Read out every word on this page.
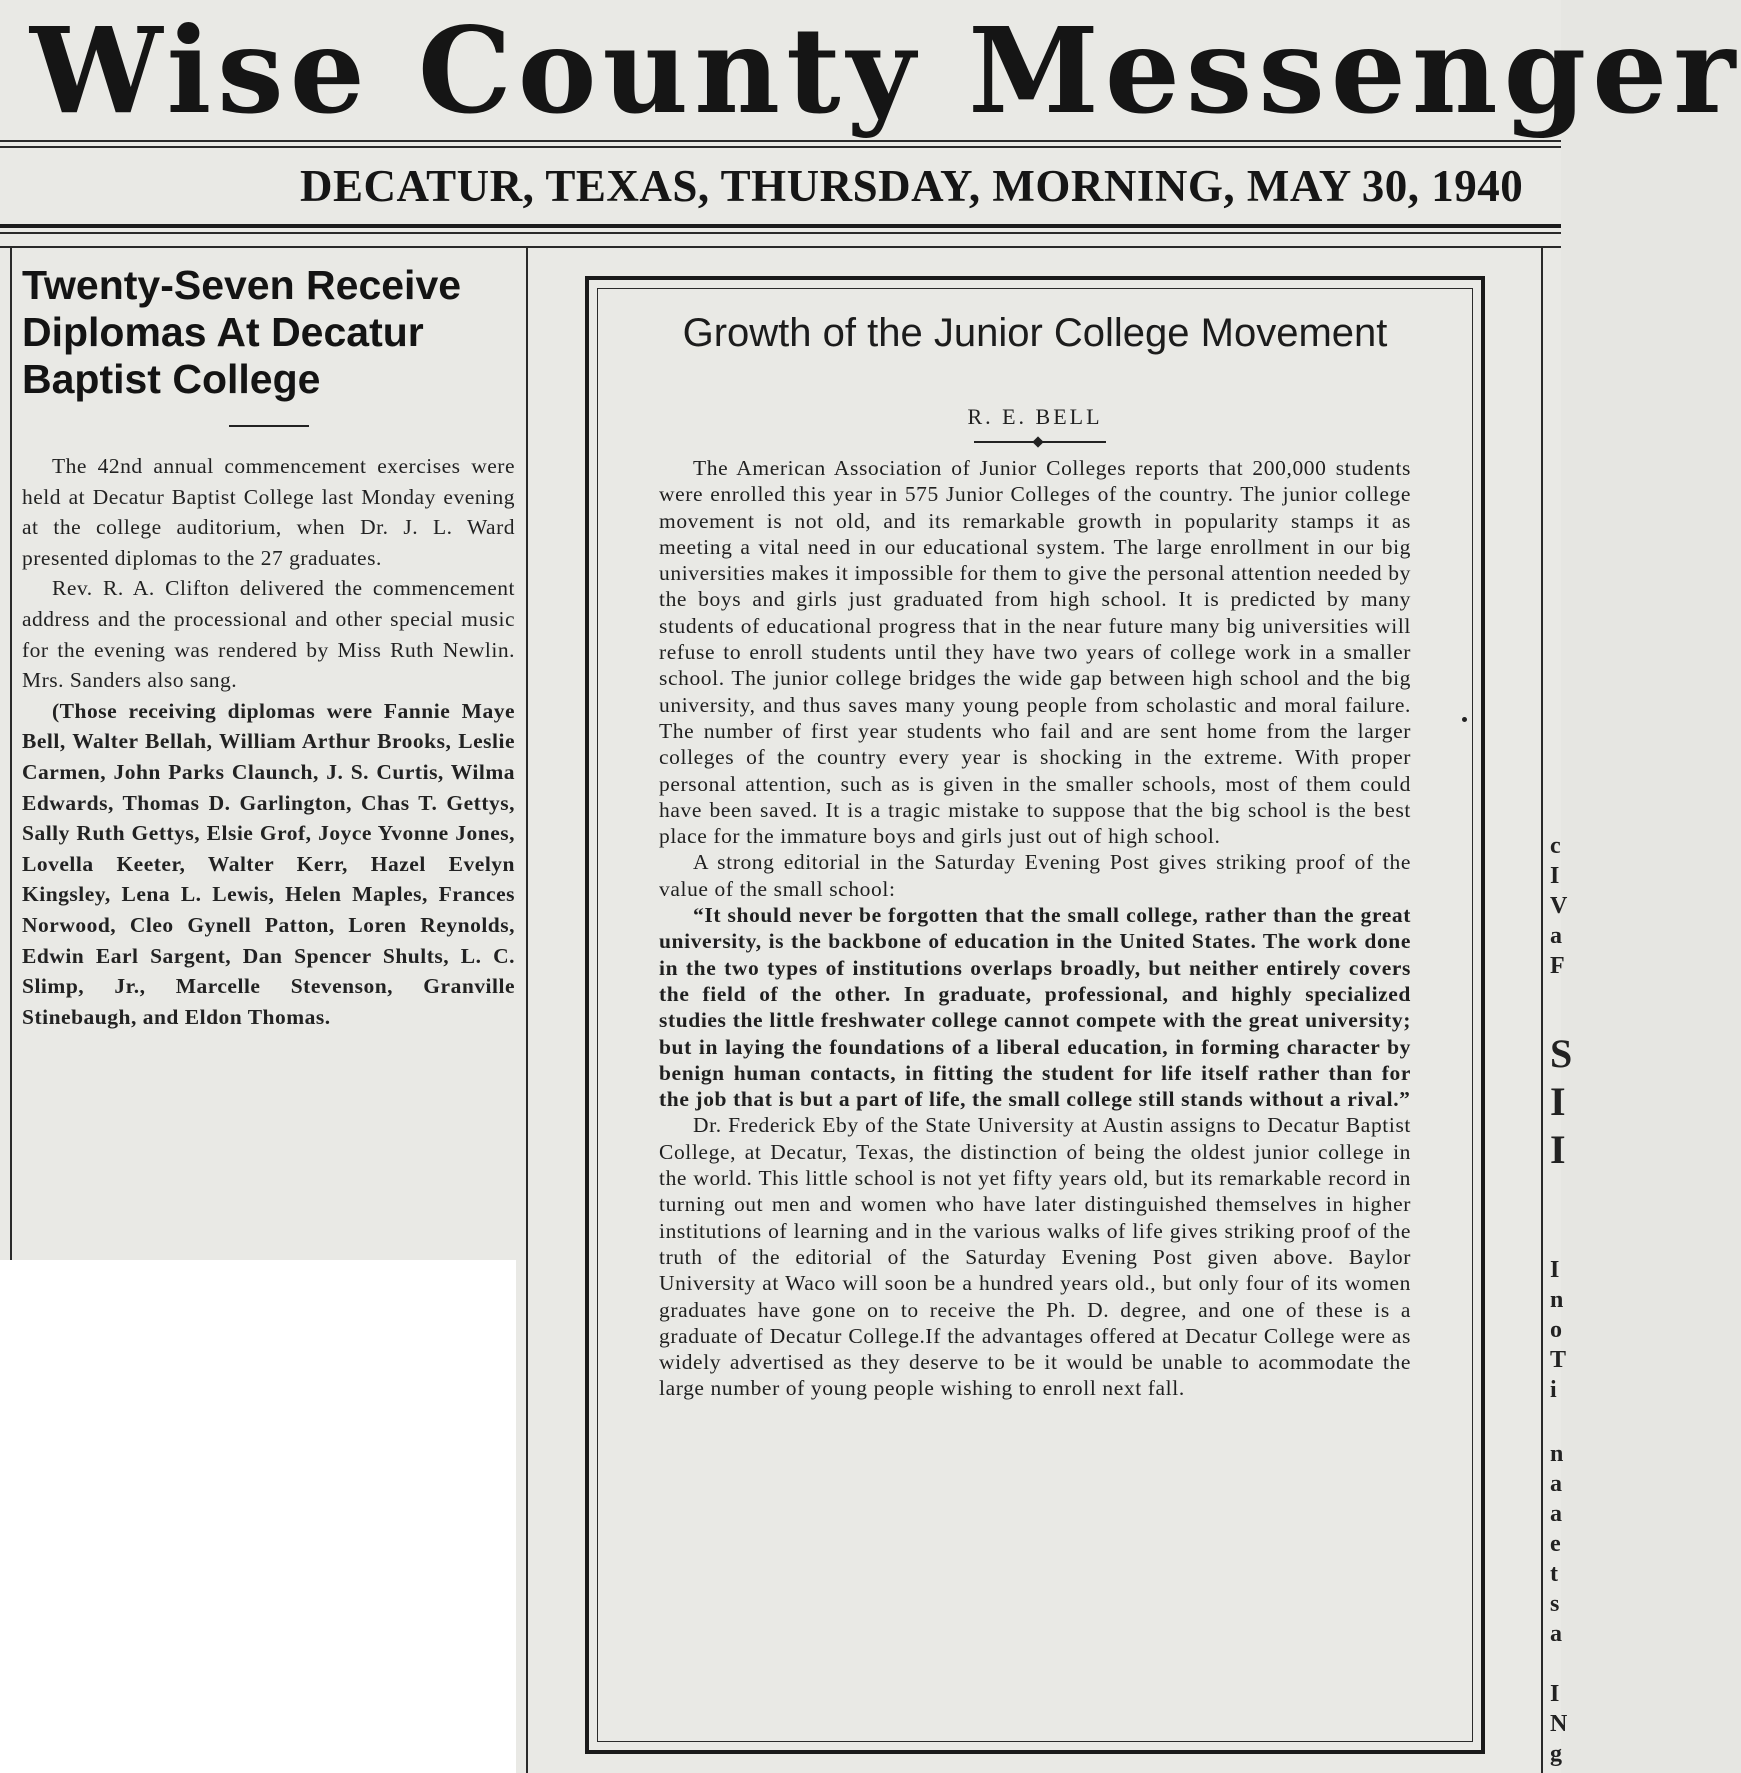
Wise County Messenger
DECATUR, TEXAS, THURSDAY, MORNING, MAY 30, 1940
Twenty-Seven Receive Diplomas At Decatur Baptist College

The 42nd annual commencement exercises were held at Decatur Baptist College last Monday evening at the college auditorium, when Dr. J. L. Ward presented diplomas to the 27 graduates.

Rev. R. A. Clifton delivered the commencement address and the processional and other special music for the evening was rendered by Miss Ruth Newlin. Mrs. Sanders also sang.

(Those receiving diplomas were Fannie Maye Bell, Walter Bellah, William Arthur Brooks, Leslie Carmen, John Parks Claunch, J. S. Curtis, Wilma Edwards, Thomas D. Garlington, Chas T. Gettys, Sally Ruth Gettys, Elsie Grof, Joyce Yvonne Jones, Lovella Keeter, Walter Kerr, Hazel Evelyn Kingsley, Lena L. Lewis, Helen Maples, Frances Norwood, Cleo Gynell Patton, Loren Reynolds, Edwin Earl Sargent, Dan Spencer Shults, L. C. Slimp, Jr., Marcelle Stevenson, Granville Stinebaugh, and Eldon Thomas.

Growth of the Junior College Movement
R. E. BELL

The American Association of Junior Colleges reports that 200,000 students were enrolled this year in 575 Junior Colleges of the country. The junior college movement is not old, and its remarkable growth in popularity stamps it as meeting a vital need in our educational system. The large enrollment in our big universities makes it impossible for them to give the personal attention needed by the boys and girls just graduated from high school. It is predicted by many students of educational progress that in the near future many big universities will refuse to enroll students until they have two years of college work in a smaller school. The junior college bridges the wide gap between high school and the big university, and thus saves many young people from scholastic and moral failure. The number of first year students who fail and are sent home from the larger colleges of the country every year is shocking in the extreme. With proper personal attention, such as is given in the smaller schools, most of them could have been saved. It is a tragic mistake to suppose that the big school is the best place for the immature boys and girls just out of high school.

A strong editorial in the Saturday Evening Post gives striking proof of the value of the small school:

“It should never be forgotten that the small college, rather than the great university, is the backbone of education in the United States. The work done in the two types of institutions overlaps broadly, but neither entirely covers the field of the other. In graduate, professional, and highly specialized studies the little freshwater college cannot compete with the great university; but in laying the foundations of a liberal education, in forming character by benign human contacts, in fitting the student for life itself rather than for the job that is but a part of life, the small college still stands without a rival.”

Dr. Frederick Eby of the State University at Austin assigns to Decatur Baptist College, at Decatur, Texas, the distinction of being the oldest junior college in the world. This little school is not yet fifty years old, but its remarkable record in turning out men and women who have later distinguished themselves in higher institutions of learning and in the various walks of life gives striking proof of the truth of the editorial of the Saturday Evening Post given above. Baylor University at Waco will soon be a hundred years old., but only four of its women graduates have gone on to receive the Ph. D. degree, and one of these is a graduate of Decatur College.If the advantages offered at Decatur College were as widely advertised as they deserve to be it would be unable to acommodate the large number of young people wishing to enroll next fall.

c
I
V
a
F
S
I
I
I
n
o
T
i
n
a
a
e
t
s
a
I
N
g
